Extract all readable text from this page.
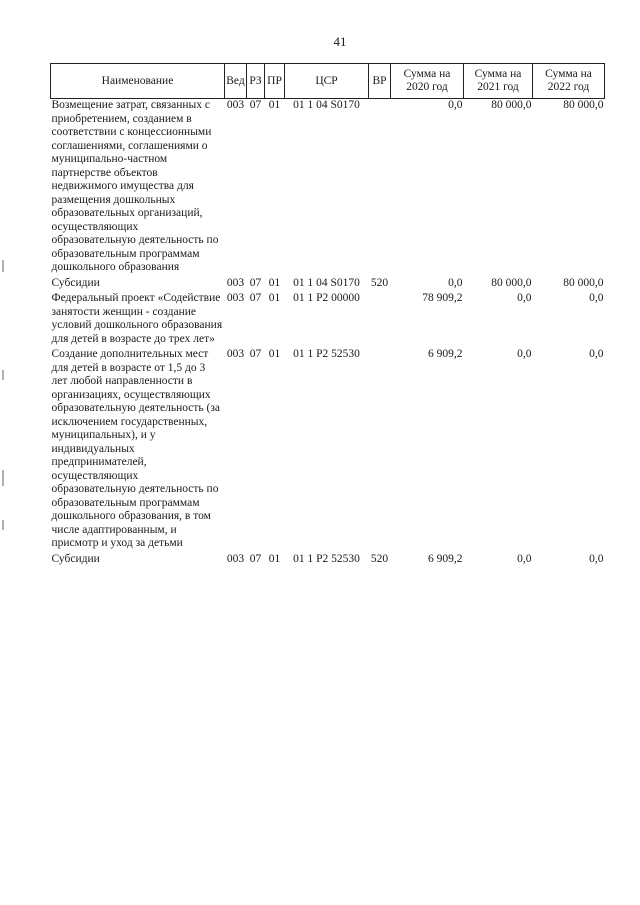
41
Наименование	Вед	РЗ	ПР	ЦСР	ВР	Сумма на 2020 год	Сумма на 2021 год	Сумма на 2022 год
Возмещение затрат, связанных с приобретением, созданием в соответствии с концессионными соглашениями, соглашениями о муниципально-частном партнерстве объектов недвижимого имущества для размещения дошкольных образовательных организаций, осуществляющих образовательную деятельность по образовательным программам дошкольного образования	003	07	01	01 1 04 S0170		0,0	80 000,0	80 000,0

Субсидии	003	07	01	01 1 04 S0170	520	0,0	80 000,0	80 000,0

Федеральный проект «Содействие занятости женщин - создание условий дошкольного образования для детей в возрасте до трех лет»	003	07	01	01 1 P2 00000		78 909,2	0,0	0,0

Создание дополнительных мест для детей в возрасте от 1,5 до 3 лет любой направленности в организациях, осуществляющих образовательную деятельность (за исключением государственных, муниципальных), и у индивидуальных предпринимателей, осуществляющих образовательную деятельность по образовательным программам дошкольного образования, в том числе адаптированным, и присмотр и уход за детьми	003	07	01	01 1 P2 52530		6 909,2	0,0	0,0

Субсидии	003	07	01	01 1 P2 52530	520	6 909,2	0,0	0,0
